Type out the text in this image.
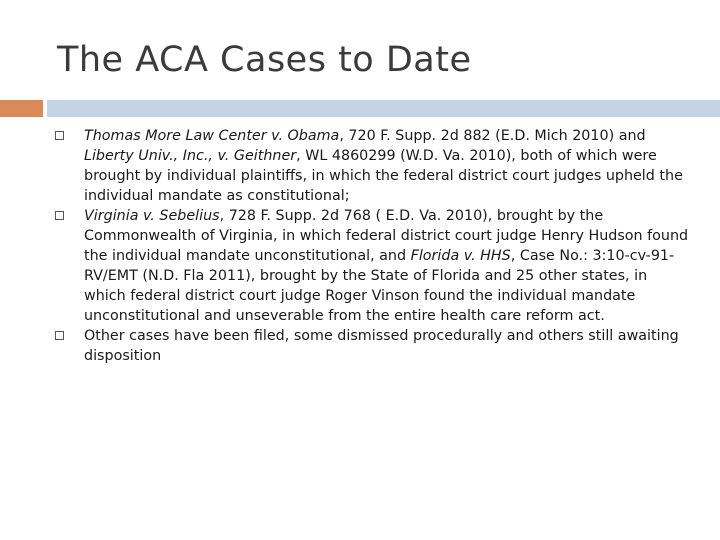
The ACA Cases to Date
Thomas More Law Center v. Obama, 720 F. Supp. 2d 882 (E.D. Mich 2010) and Liberty Univ., Inc., v. Geithner, WL 4860299 (W.D. Va. 2010), both of which were brought by individual plaintiffs, in which the federal district court judges upheld the individual mandate as constitutional;
Virginia v. Sebelius, 728 F. Supp. 2d 768 ( E.D. Va. 2010), brought by the Commonwealth of Virginia, in which federal district court judge Henry Hudson found the individual mandate unconstitutional, and Florida v. HHS, Case No.: 3:10-cv-91-RV/EMT (N.D. Fla 2011), brought by the State of Florida and 25 other states, in which federal district court judge Roger Vinson found the individual mandate unconstitutional and unseverable from the entire health care reform act.
Other cases have been filed, some dismissed procedurally and others still awaiting disposition
